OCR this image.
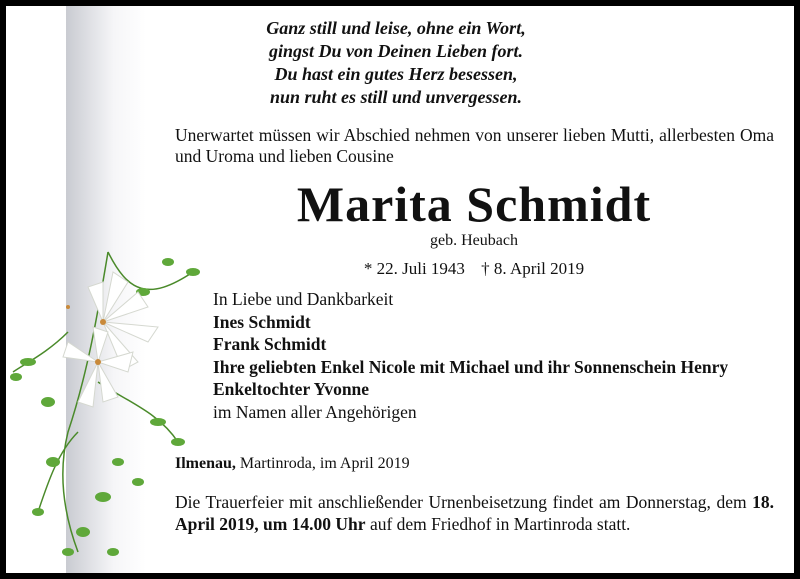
Ganz still und leise, ohne ein Wort,
gingst Du von Deinen Lieben fort.
Du hast ein gutes Herz besessen,
nun ruht es still und unvergessen.
Unerwartet müssen wir Abschied nehmen von unserer lieben Mutti, allerbesten Oma und Uroma und lieben Cousine
Marita Schmidt
geb. Heubach
* 22. Juli 1943 † 8. April 2019
In Liebe und Dankbarkeit
Ines Schmidt
Frank Schmidt
Ihre geliebten Enkel Nicole mit Michael und ihr Sonnenschein Henry
Enkeltochter Yvonne
im Namen aller Angehörigen
Ilmenau, Martinroda, im April 2019
Die Trauerfeier mit anschließender Urnenbeisetzung findet am Donnerstag, dem 18. April 2019, um 14.00 Uhr auf dem Friedhof in Martinroda statt.
